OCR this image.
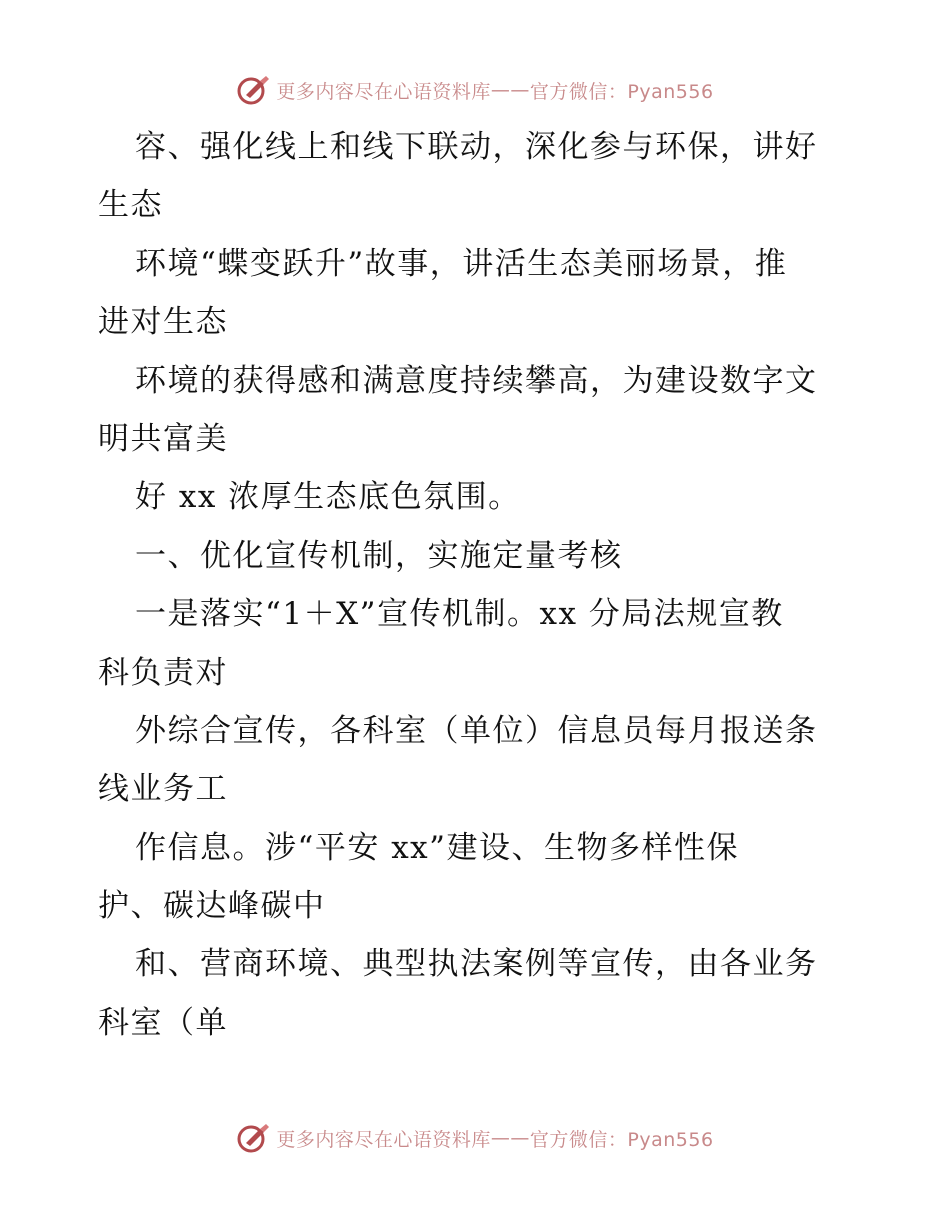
更多内容尽在心语资料库 —— 官方微信：Pyan556
容、强化线上和线下联动，深化参与环保，讲好
生态
环境“蝶变跃升”故事，讲活生态美丽场景，推
进对生态
环境的获得感和满意度持续攀高，为建设数字文
明共富美
好 xx 浓厚生态底色氛围。
一、优化宣传机制，实施定量考核
一是落实“1＋X”宣传机制。xx 分局法规宣教
科负责对
外综合宣传，各科室（单位）信息员每月报送条
线业务工
作信息。涉“平安 xx”建设、生物多样性保
护、碳达峰碳中
和、营商环境、典型执法案例等宣传，由各业务
科室（单
更多内容尽在心语资料库 —— 官方微信：Pyan556
